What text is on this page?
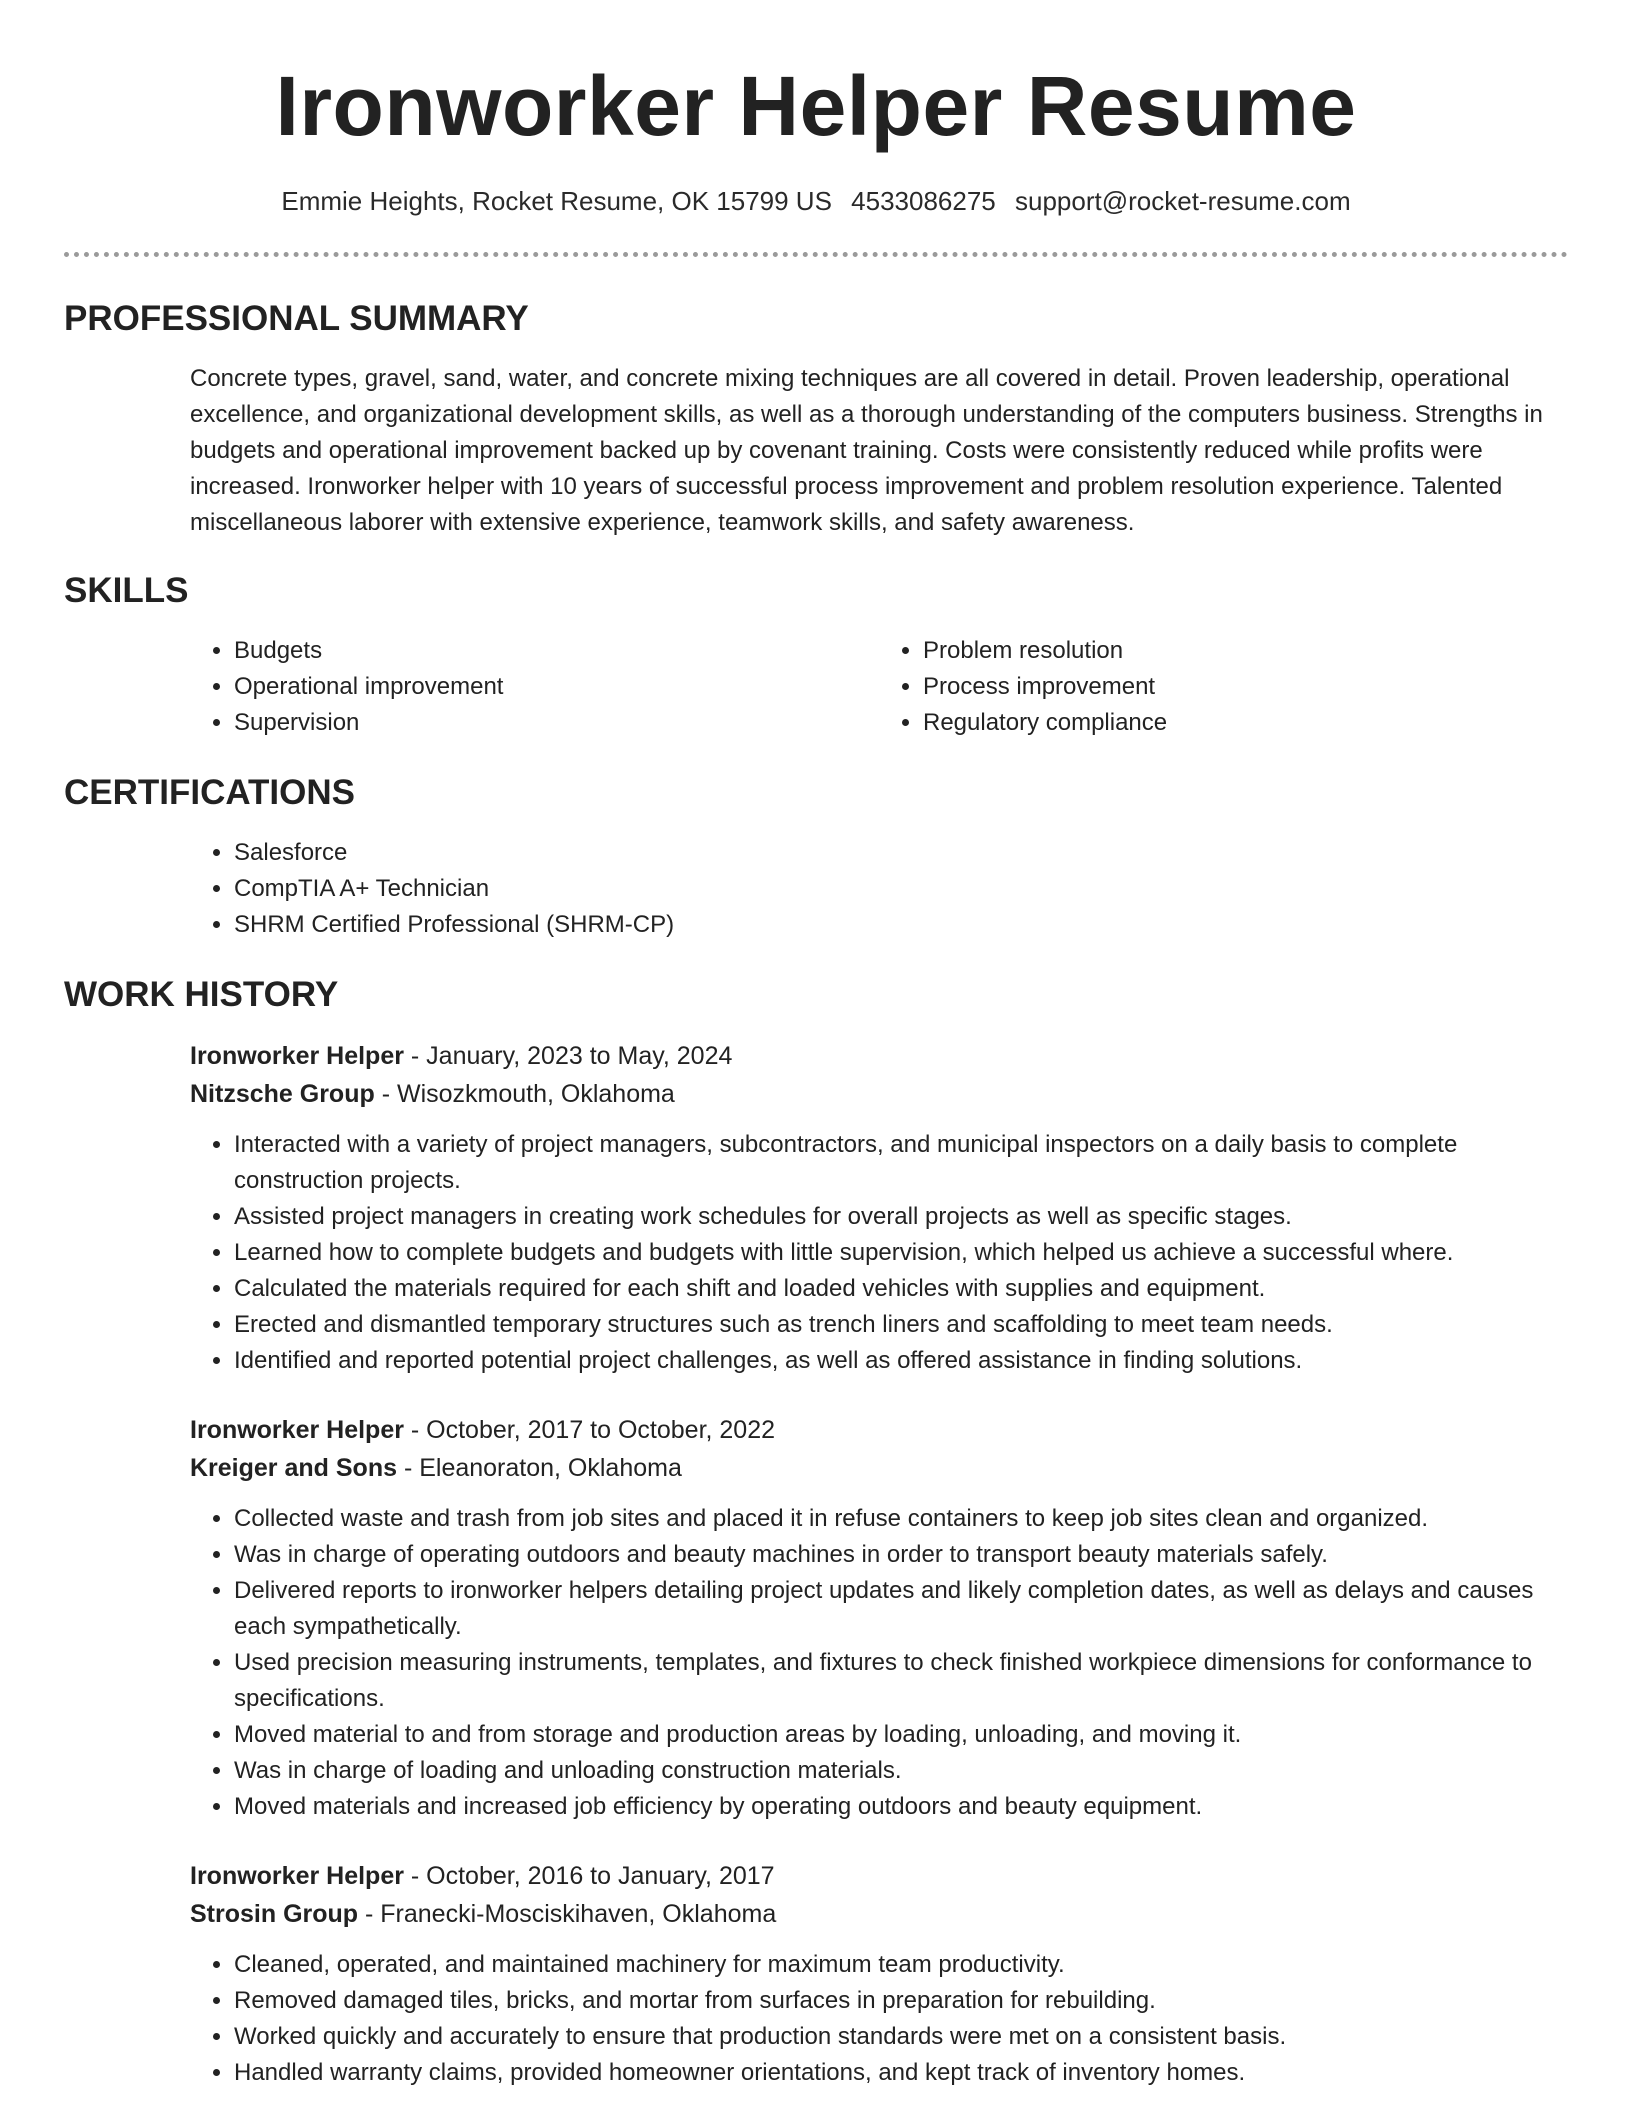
Ironworker Helper Resume
Emmie Heights, Rocket Resume, OK 15799 US 4533086275 support@rocket-resume.com
PROFESSIONAL SUMMARY
Concrete types, gravel, sand, water, and concrete mixing techniques are all covered in detail. Proven leadership, operational excellence, and organizational development skills, as well as a thorough understanding of the computers business. Strengths in budgets and operational improvement backed up by covenant training. Costs were consistently reduced while profits were increased. Ironworker helper with 10 years of successful process improvement and problem resolution experience. Talented miscellaneous laborer with extensive experience, teamwork skills, and safety awareness.
SKILLS
• Budgets
• Operational improvement
• Supervision
• Problem resolution
• Process improvement
• Regulatory compliance
CERTIFICATIONS
• Salesforce
• CompTIA A+ Technician
• SHRM Certified Professional (SHRM-CP)
WORK HISTORY
Ironworker Helper - January, 2023 to May, 2024
Nitzsche Group - Wisozkmouth, Oklahoma
• Interacted with a variety of project managers, subcontractors, and municipal inspectors on a daily basis to complete construction projects.
• Assisted project managers in creating work schedules for overall projects as well as specific stages.
• Learned how to complete budgets and budgets with little supervision, which helped us achieve a successful where.
• Calculated the materials required for each shift and loaded vehicles with supplies and equipment.
• Erected and dismantled temporary structures such as trench liners and scaffolding to meet team needs.
• Identified and reported potential project challenges, as well as offered assistance in finding solutions.
Ironworker Helper - October, 2017 to October, 2022
Kreiger and Sons - Eleanoraton, Oklahoma
• Collected waste and trash from job sites and placed it in refuse containers to keep job sites clean and organized.
• Was in charge of operating outdoors and beauty machines in order to transport beauty materials safely.
• Delivered reports to ironworker helpers detailing project updates and likely completion dates, as well as delays and causes each sympathetically.
• Used precision measuring instruments, templates, and fixtures to check finished workpiece dimensions for conformance to specifications.
• Moved material to and from storage and production areas by loading, unloading, and moving it.
• Was in charge of loading and unloading construction materials.
• Moved materials and increased job efficiency by operating outdoors and beauty equipment.
Ironworker Helper - October, 2016 to January, 2017
Strosin Group - Franecki-Mosciskihaven, Oklahoma
• Cleaned, operated, and maintained machinery for maximum team productivity.
• Removed damaged tiles, bricks, and mortar from surfaces in preparation for rebuilding.
• Worked quickly and accurately to ensure that production standards were met on a consistent basis.
• Handled warranty claims, provided homeowner orientations, and kept track of inventory homes.
